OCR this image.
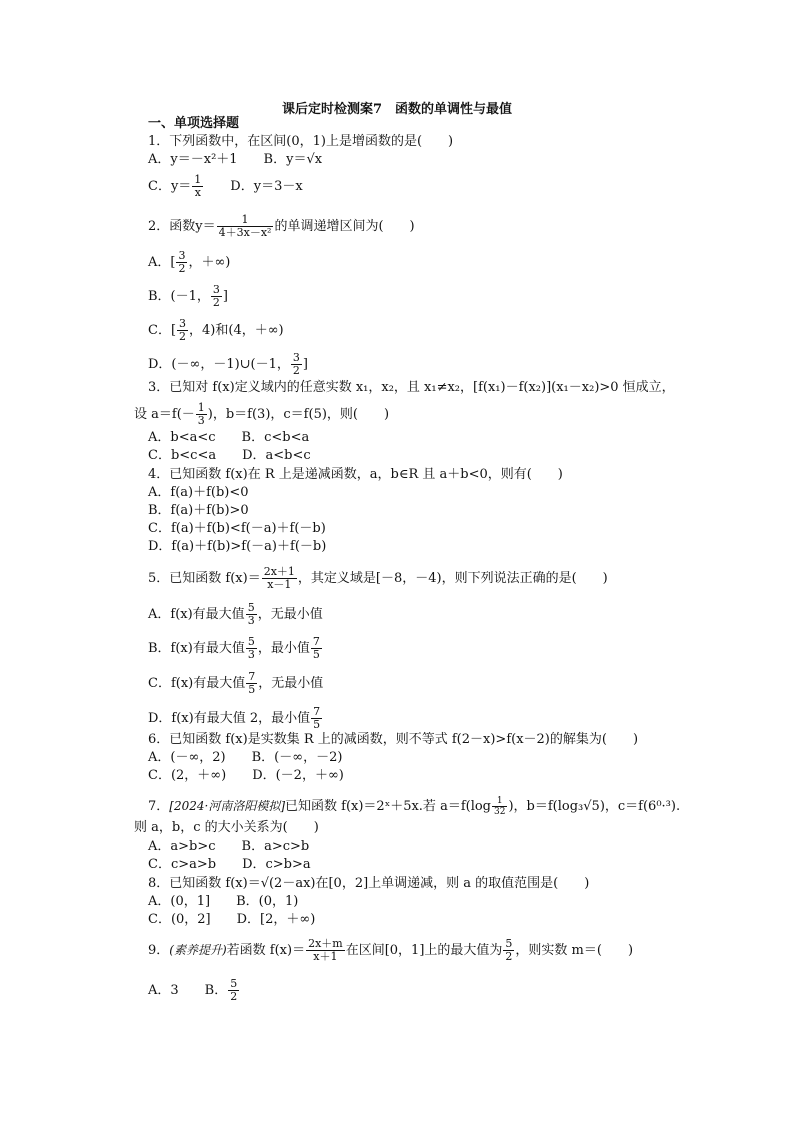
课后定时检测案7　函数的单调性与最值
一、单项选择题
1．下列函数中，在区间(0，1)上是增函数的是(　　)
A．y＝－x²＋1　　B．y＝√x
C．$y= \frac{1}{x}$ 　　D．y＝3－x
2．函数$y= \frac{1}{\text{4＋3x－x²}}$ 的单调递增区间为(　　)
A．[ $\frac{3}{2}$ ，＋∞)
B．(－1， $\frac{3}{2}$ ]
C．[ $\frac{3}{2}$ ，4)和(4，＋∞)
D．(－∞，－1)∪(－1， $\frac{3}{2}$ ]
3．已知对 f(x)定义域内的任意实数 x₁，x₂，且 x₁≠x₂，[f(x₁)－f(x₂)](x₁－x₂)>0 恒成立，
设 $a=f(- \frac{1}{3}$ )，b＝f(3)，c＝f(5)，则(　　)
A．b<a<c　　B．c<b<a
C．b<c<a　　D．a<b<c
4．已知函数 f(x)在 R 上是递减函数，a，b∈R 且 a＋b<0，则有(　　)
A．f(a)＋f(b)<0
B．f(a)＋f(b)>0
C．f(a)＋f(b)<f(－a)＋f(－b)
D．f(a)＋f(b)>f(－a)＋f(－b)
5．已知函数 $f(x)= \frac{2x+1}{x-1}$ ，其定义域是[－8，－4)，则下列说法正确的是(　　)
A．f(x)有最大值 $\frac{5}{3}$ ，无最小值
B．f(x)有最大值 $\frac{5}{3}$ ，最小值 $\frac{7}{5}$
C．f(x)有最大值 $\frac{7}{5}$ ，无最小值
D．f(x)有最大值 2，最小值 $\frac{7}{5}$
6．已知函数 f(x)是实数集 R 上的减函数，则不等式 f(2－x)>f(x－2)的解集为(　　)
A．(－∞，2)　　B．(－∞，－2)
C．(2，＋∞)　　D．(－2，＋∞)
7．[2024·河南洛阳模拟]已知函数 f(x)＝2ˣ＋5x.若 $a=f(\log \frac{1}{32}$ )，b＝f(log₃√5)，c＝f(6⁰·³).
则 a，b，c 的大小关系为(　　)
A．a>b>c　　B．a>c>b
C．c>a>b　　D．c>b>a
8．已知函数 f(x)＝√(2－ax)在[0，2]上单调递减，则 a 的取值范围是(　　)
A．(0，1]　　B．(0，1)
C．(0，2]　　D．[2，＋∞)
9．(素养提升)若函数 $f(x)= \frac{2x+m}{x+1}$ 在区间[0，1]上的最大值为 $\frac{5}{2}$ ，则实数 m＝(　　)
A．3　　B． $\frac{5}{2}$
